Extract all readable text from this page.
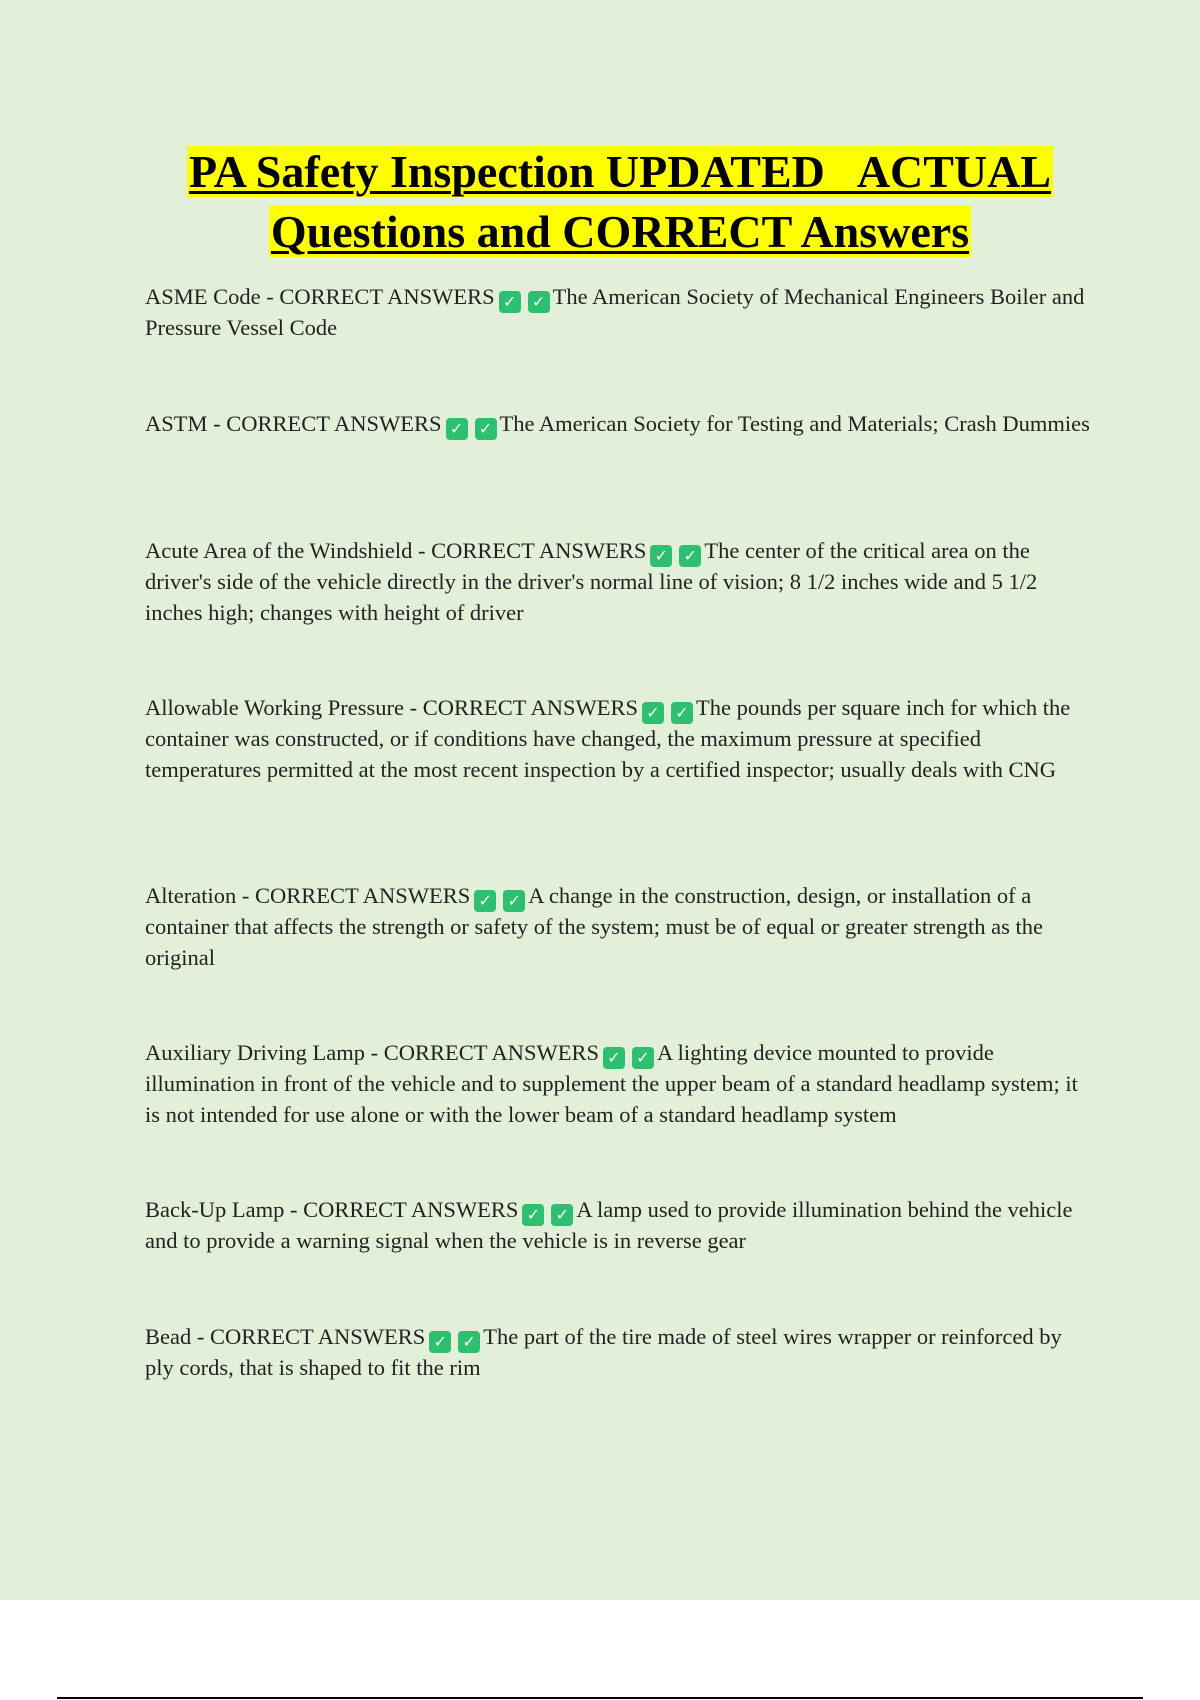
PA Safety Inspection UPDATED   ACTUAL
Questions and CORRECT Answers
ASME Code - CORRECT ANSWERS ✓ ✓ The American Society of Mechanical Engineers Boiler and Pressure Vessel Code
ASTM - CORRECT ANSWERS ✓ ✓ The American Society for Testing and Materials; Crash Dummies
Acute Area of the Windshield - CORRECT ANSWERS ✓ ✓ The center of the critical area on the driver's side of the vehicle directly in the driver's normal line of vision; 8 1/2 inches wide and 5 1/2 inches high; changes with height of driver
Allowable Working Pressure - CORRECT ANSWERS ✓ ✓ The pounds per square inch for which the container was constructed, or if conditions have changed, the maximum pressure at specified temperatures permitted at the most recent inspection by a certified inspector; usually deals with CNG
Alteration - CORRECT ANSWERS ✓ ✓ A change in the construction, design, or installation of a container that affects the strength or safety of the system; must be of equal or greater strength as the original
Auxiliary Driving Lamp - CORRECT ANSWERS ✓ ✓ A lighting device mounted to provide illumination in front of the vehicle and to supplement the upper beam of a standard headlamp system; it is not intended for use alone or with the lower beam of a standard headlamp system
Back-Up Lamp - CORRECT ANSWERS ✓ ✓ A lamp used to provide illumination behind the vehicle and to provide a warning signal when the vehicle is in reverse gear
Bead - CORRECT ANSWERS ✓ ✓ The part of the tire made of steel wires wrapper or reinforced by ply cords, that is shaped to fit the rim
